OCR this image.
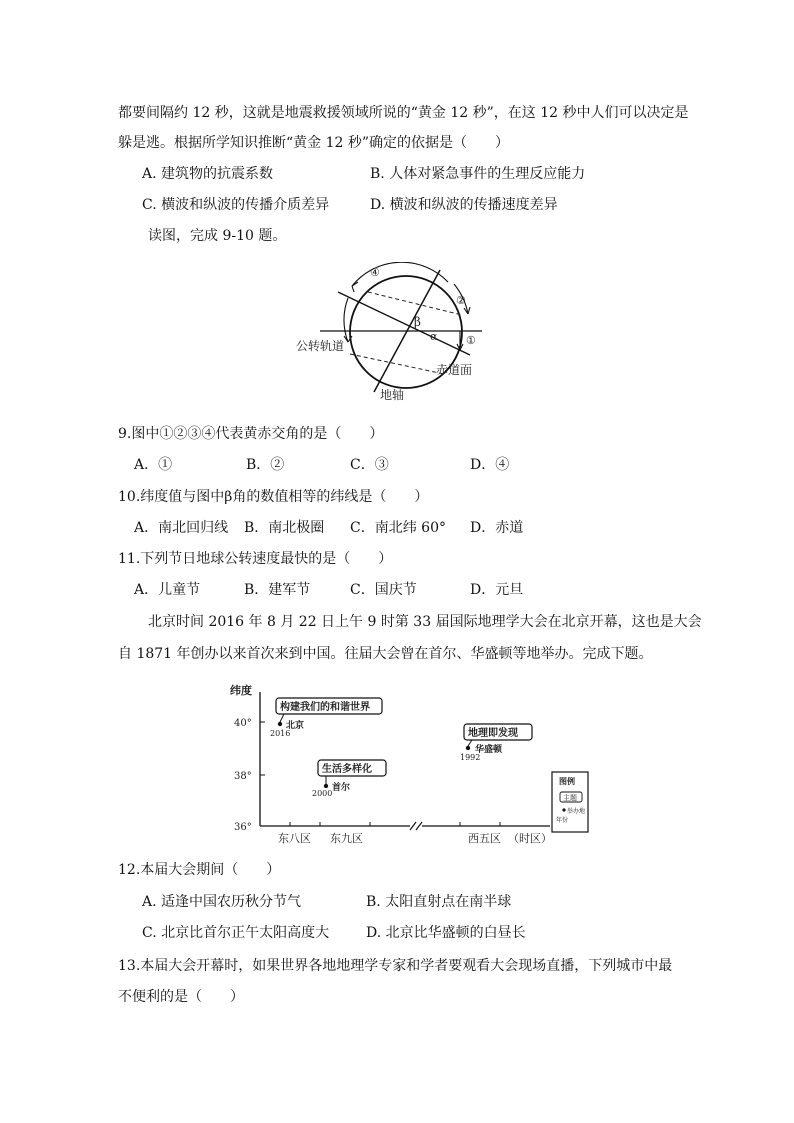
都要间隔约 12 秒，这就是地震救援领域所说的“黄金 12 秒”，在这 12 秒中人们可以决定是
躲是逃。根据所学知识推断“黄金 12 秒”确定的依据是（　　）
A. 建筑物的抗震系数	B. 人体对紧急事件的生理反应能力
C. 横波和纵波的传播介质差异	D. 横波和纵波的传播速度差异
读图，完成 9-10 题。
④
②
①
β
α
公转轨道
赤道面
地轴
9.图中①②③④代表黄赤交角的是（　　）
A．①	B．②	C．③	D．④
10.纬度值与图中β角的数值相等的纬线是（　　）
A．南北回归线 B．南北极圈 C．南北纬 60° D．赤道
11.下列节日地球公转速度最快的是（　　）
A．儿童节	B．建军节	C．国庆节	D．元旦
北京时间 2016 年 8 月 22 日上午 9 时第 33 届国际地理学大会在北京开幕，这也是大会
自 1871 年创办以来首次来到中国。往届大会曾在首尔、华盛顿等地举办。完成下题。
纬度
40°
38°
36°
东八区 东九区	西五区 （时区）
构建我们的和谐世界
2016
北京
生活多样化
2000
首尔
地理即发现
1992
华盛顿
图例
主题
举办地
年份
12.本届大会期间（　　）
A. 适逢中国农历秋分节气	B. 太阳直射点在南半球
C. 北京比首尔正午太阳高度大	D. 北京比华盛顿的白昼长
13.本届大会开幕时，如果世界各地地理学专家和学者要观看大会现场直播，下列城市中最
不便利的是（　　）
